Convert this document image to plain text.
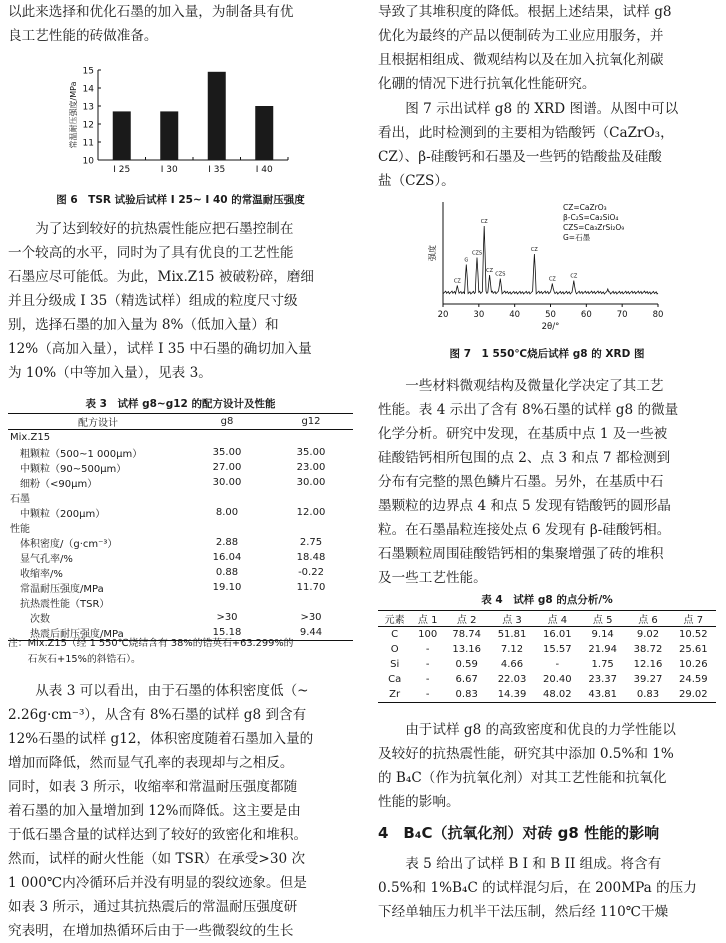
以此来选择和优化石墨的加入量，为制备具有优
良工艺性能的砖做准备。
10
11
12
13
14
15
常温耐压强度/MPa
I 25	I 30	I 35	I 40
图 6　TSR 试验后试样 I 25~ I 40 的常温耐压强度
为了达到较好的抗热震性能应把石墨控制在
一个较高的水平，同时为了具有优良的工艺性能
石墨应尽可能低。为此，Mix.Z15 被破粉碎，磨细
并且分级成 I 35（精选试样）组成的粒度尺寸级
别，选择石墨的加入量为 8%（低加入量）和
12%（高加入量），试样 I 35 中石墨的确切加入量
为 10%（中等加入量），见表 3。
表 3　试样 g8~g12 的配方设计及性能
配方设计	g8	g12
Mix.Z15		
　粗颗粒（500~1 000μm）	35.00	35.00
　中颗粒（90~500μm）	27.00	23.00
　细粉（<90μm）	30.00	30.00
石墨		
　中颗粒（200μm）	8.00	12.00
性能		
　体积密度/（g·cm⁻³）	2.88	2.75
　显气孔率/%	16.04	18.48
　收缩率/%	0.88	-0.22
　常温耐压强度/MPa	19.10	11.70
　抗热震性能（TSR）		
　　次数	>30	>30
　　热震后耐压强度/MPa	15.18	9.44
注：Mix.Z15（经 1 550℃烧结含有 38%的锆英石+63.299%的
　　石灰石+15%的斜锆石）。
从表 3 可以看出，由于石墨的体积密度低（~
2.26g·cm⁻³），从含有 8%石墨的试样 g8 到含有
12%石墨的试样 g12，体积密度随着石墨加入量的
增加而降低，然而显气孔率的表现却与之相反。
同时，如表 3 所示，收缩率和常温耐压强度都随
着石墨的加入量增加到 12%而降低。这主要是由
于低石墨含量的试样达到了较好的致密化和堆积。
然而，试样的耐火性能（如 TSR）在承受>30 次
1 000℃内冷循环后并没有明显的裂纹迹象。但是
如表 3 所示，通过其抗热震后的常温耐压强度研
究表明，在增加热循环后由于一些微裂纹的生长
导致了其堆积度的降低。根据上述结果，试样 g8
优化为最终的产品以便制砖为工业应用服务，并
且根据相组成、微观结构以及在加入抗氧化剂碳
化硼的情况下进行抗氧化性能研究。
图 7 示出试样 g8 的 XRD 图谱。从图中可以
看出，此时检测到的主要相为锆酸钙（CaZrO₃，
CZ）、β-硅酸钙和石墨及一些钙的锆酸盐及硅酸
盐（CZS）。
强度
20	30	40	50	60	70	80
2θ/°
CZ
G
CZS
CZ
CZ
CZS
CZ
CZ	CZ
CZ=CaZrO₃
β-C₂S=Ca₂SiO₄
CZS=Ca₃ZrSi₂O₉
G=石墨
图 7　1 550℃烧后试样 g8 的 XRD 图
一些材料微观结构及微量化学决定了其工艺
性能。表 4 示出了含有 8%石墨的试样 g8 的微量
化学分析。研究中发现，在基质中点 1 及一些被
硅酸锆钙相所包围的点 2、点 3 和点 7 都检测到
分布有完整的黑色鳞片石墨。另外，在基质中石
墨颗粒的边界点 4 和点 5 发现有锆酸钙的圆形晶
粒。在石墨晶粒连接处点 6 发现有 β-硅酸钙相。
石墨颗粒周围硅酸锆钙相的集聚增强了砖的堆积
及一些工艺性能。
表 4　试样 g8 的点分析/%
元素	点 1	点 2	点 3	点 4	点 5	点 6	点 7
C	100	78.74	51.81	16.01	9.14	9.02	10.52
O	-	13.16	7.12	15.57	21.94	38.72	25.61
Si	-	0.59	4.66	-	1.75	12.16	10.26
Ca	-	6.67	22.03	20.40	23.37	39.27	24.59
Zr	-	0.83	14.39	48.02	43.81	0.83	29.02
由于试样 g8 的高致密度和优良的力学性能以
及较好的抗热震性能，研究其中添加 0.5%和 1%
的 B₄C（作为抗氧化剂）对其工艺性能和抗氧化
性能的影响。
4　B₄C（抗氧化剂）对砖 g8 性能的影响
表 5 给出了试样 B I 和 B II 组成。将含有
0.5%和 1%B₄C 的试样混匀后，在 200MPa 的压力
下经单轴压力机半干法压制，然后经 110℃干燥
